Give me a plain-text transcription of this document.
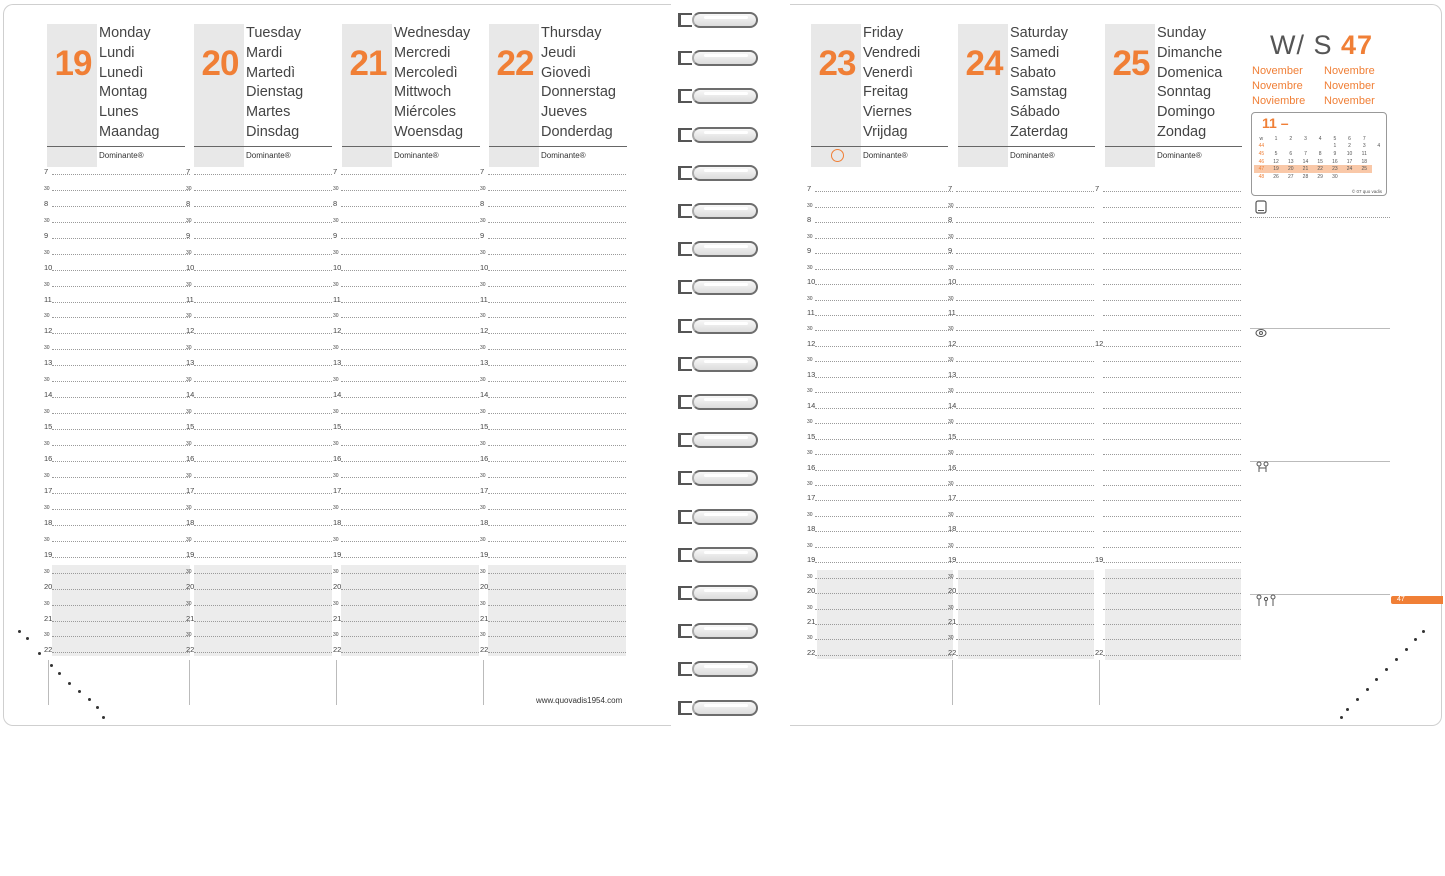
19
Monday
Lundi
Lunedì
Montag
Lunes
Maandag
Dominante®
20
Tuesday
Mardi
Martedì
Dienstag
Martes
Dinsdag
Dominante®
21
Wednesday
Mercredi
Mercoledì
Mittwoch
Miércoles
Woensdag
Dominante®
22
Thursday
Jeudi
Giovedì
Donnerstag
Jueves
Donderdag
Dominante®
23
Friday
Vendredi
Venerdì
Freitag
Viernes
Vrijdag
Dominante®
24
Saturday
Samedi
Sabato
Samstag
Sábado
Zaterdag
Dominante®
25
Sunday
Dimanche
Domenica
Sonntag
Domingo
Zondag
Dominante®
7
30
8
30
9
30
10
30
11
30
12
30
13
30
14
30
15
30
16
30
17
30
18
30
19
30
20
30
21
30
22
7
30
8
30
9
30
10
30
11
30
12
30
13
30
14
30
15
30
16
30
17
30
18
30
19
30
20
30
21
30
22
7
30
8
30
9
30
10
30
11
30
12
30
13
30
14
30
15
30
16
30
17
30
18
30
19
30
20
30
21
30
22
7
30
8
30
9
30
10
30
11
30
12
30
13
30
14
30
15
30
16
30
17
30
18
30
19
30
20
30
21
30
22
7
30
8
30
9
30
10
30
11
30
12
30
13
30
14
30
15
30
16
30
17
30
18
30
19
30
20
30
21
30
22
7
30
8
30
9
30
10
30
11
30
12
30
13
30
14
30
15
30
16
30
17
30
18
30
19
30
20
30
21
30
22
7
12
19
22
www.quovadis1954.com
W/ S 47
November Novembre
Novembre November
Noviembre November
11 –
w	1	2	3	4	5	6	7	
44					1	2	3	4
45	5	6	7	8	9	10	11	
46	12	13	14	15	16	17	18	
47	19	20	21	22	23	24	25	
48	26	27	28	29	30			
© 07 quo vadis
47
